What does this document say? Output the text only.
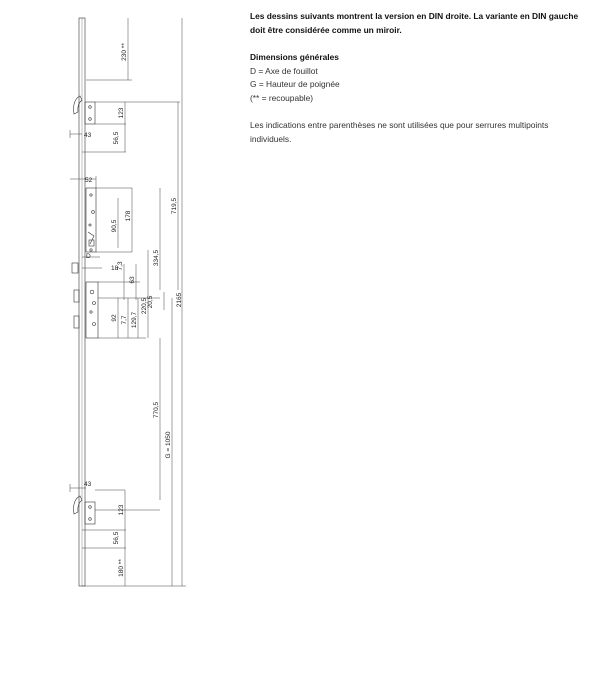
230 **
123
56,5
43
52
178
90,5
719,5
D
18
7,3	334,5
63
92 7,7 129,7
220,5 20,5	2165
770,5
G = 1050
43
123
56,5
180 **

Les dessins suivants montrent la version en DIN droite. La variante en DIN gauche doit être considérée comme un miroir.

Dimensions générales

D = Axe de fouillot

G = Hauteur de poignée

(** = recoupable)

Les indications entre parenthèses ne sont utilisées que pour serrures multipoints individuels.
